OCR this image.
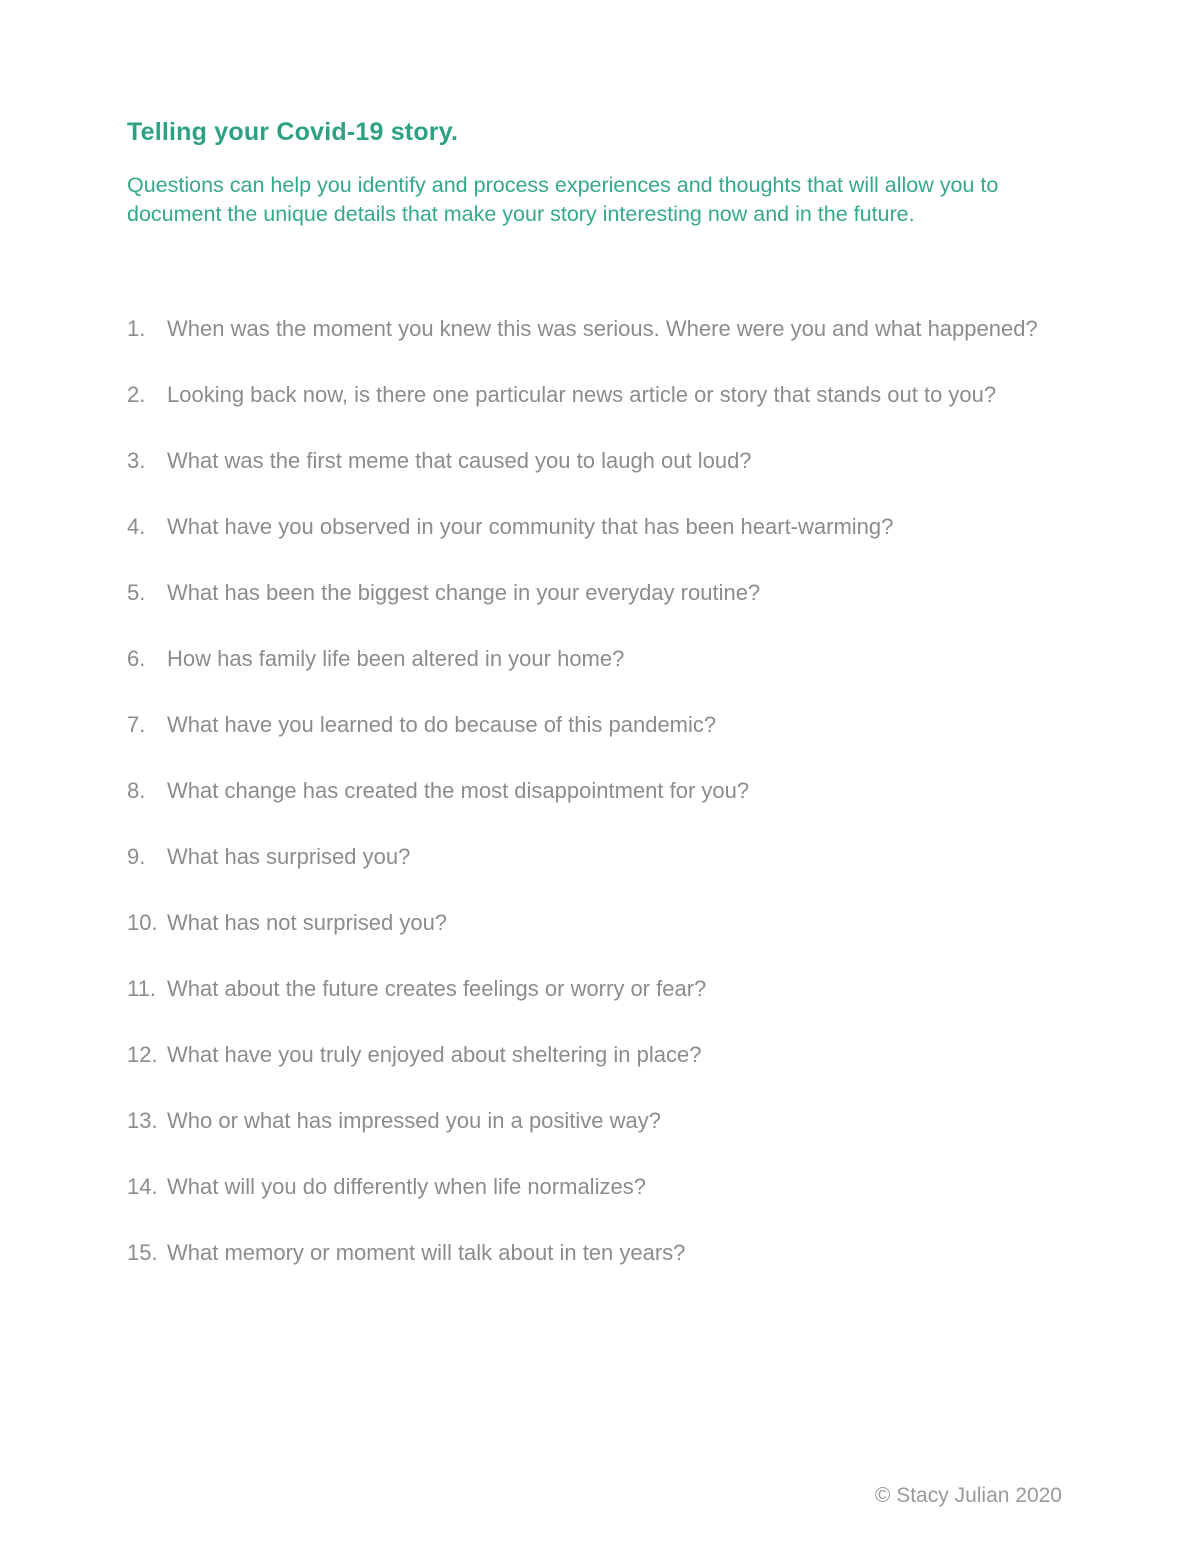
Telling your Covid-19 story.

Questions can help you identify and process experiences and thoughts that will allow you to document the unique details that make your story interesting now and in the future.

1. When was the moment you knew this was serious. Where were you and what happened?
2. Looking back now, is there one particular news article or story that stands out to you?
3. What was the first meme that caused you to laugh out loud?
4. What have you observed in your community that has been heart-warming?
5. What has been the biggest change in your everyday routine?
6. How has family life been altered in your home?
7. What have you learned to do because of this pandemic?
8. What change has created the most disappointment for you?
9. What has surprised you?
10. What has not surprised you?
11. What about the future creates feelings or worry or fear?
12. What have you truly enjoyed about sheltering in place?
13. Who or what has impressed you in a positive way?
14. What will you do differently when life normalizes?
15. What memory or moment will talk about in ten years?
© Stacy Julian 2020
